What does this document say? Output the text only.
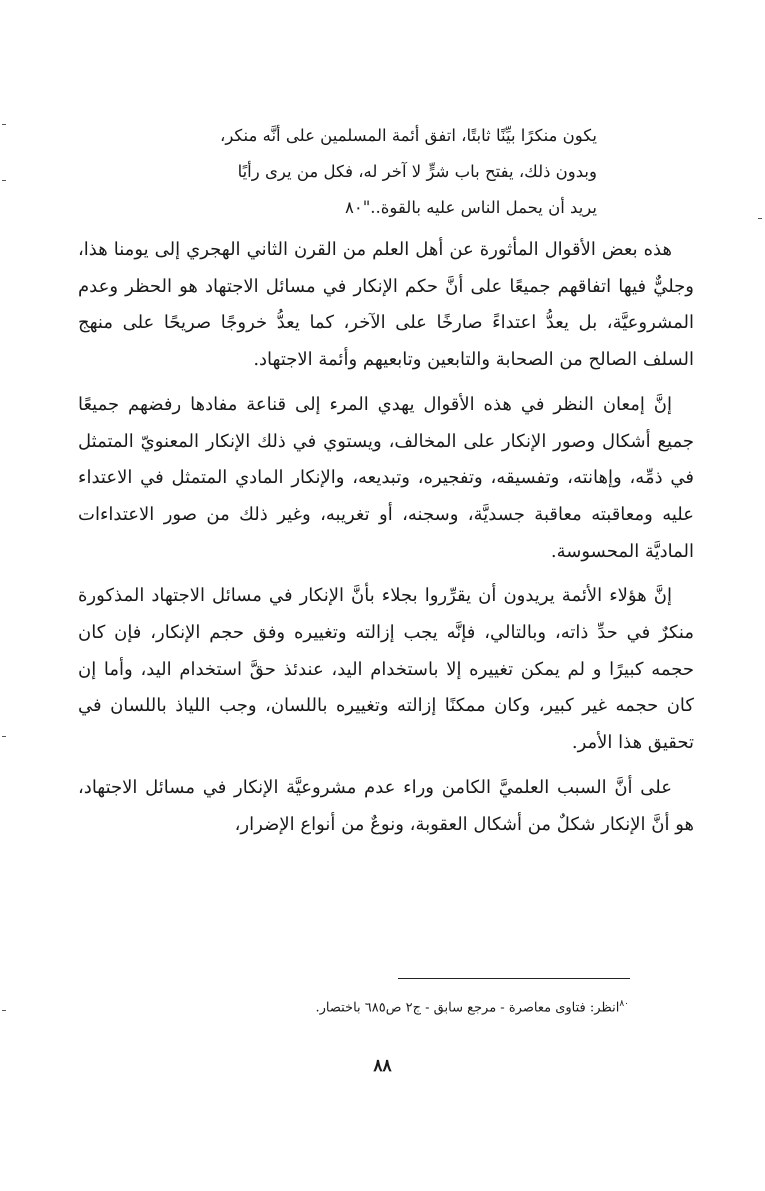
يكون منكرًا بيِّنًا ثابتًا، اتفق أئمة المسلمين على أنَّه منكر،
وبدون ذلك، يفتح باب شرٍّ لا آخر له، فكل من يرى رأيًا
يريد أن يحمل الناس عليه بالقوة.."٨٠

هذه بعض الأقوال المأثورة عن أهل العلم من القرن الثاني الهجري إلى يومنا هذا، وجليٌّ فيها اتفاقهم جميعًا على أنَّ حكم الإنكار في مسائل الاجتهاد هو الحظر وعدم المشروعيَّة، بل يعدُّ اعتداءً صارخًا على الآخر، كما يعدُّ خروجًا صريحًا على منهج السلف الصالح من الصحابة والتابعين وتابعيهم وأئمة الاجتهاد.

إنَّ إمعان النظر في هذه الأقوال يهدي المرء إلى قناعة مفادها رفضهم جميعًا جميع أشكال وصور الإنكار على المخالف، ويستوي في ذلك الإنكار المعنويّ المتمثل في ذمِّه، وإهانته، وتفسيقه، وتفجيره، وتبديعه، والإنكار المادي المتمثل في الاعتداء عليه ومعاقبته معاقبة جسديَّة، وسجنه، أو تغريبه، وغير ذلك من صور الاعتداءات الماديَّة المحسوسة.

إنَّ هؤلاء الأئمة يريدون أن يقرِّروا بجلاء بأنَّ الإنكار في مسائل الاجتهاد المذكورة منكرٌ في حدِّ ذاته، وبالتالي، فإنَّه يجب إزالته وتغييره وفق حجم الإنكار، فإن كان حجمه كبيرًا و لم يمكن تغييره إلا باستخدام اليد، عندئذ حقَّ استخدام اليد، وأما إن كان حجمه غير كبير، وكان ممكنًا إزالته وتغييره باللسان، وجب اللياذ باللسان في تحقيق هذا الأمر.

على أنَّ السبب العلميَّ الكامن وراء عدم مشروعيَّة الإنكار في مسائل الاجتهاد، هو أنَّ الإنكار شكلٌ من أشكال العقوبة، ونوعٌ من أنواع الإضرار،

$^{٨٠}$انظر: فتاوى معاصرة - مرجع سابق - ج٢ ص٦٨٥ باختصار.
٨٨
